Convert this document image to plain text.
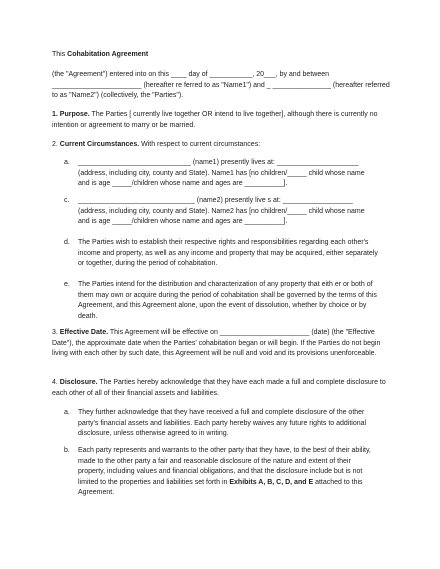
This Cohabitation Agreement

(the "Agreement") entered into on this ____ day of ___________, 20___, by and between _______________________ (hereafter re ferred to as "Name1") and _ _______________ (hereafter referred to as "Name2") (collectively, the "Parties").

1. Purpose. The Parties [ currently live together OR intend to live together], although there is currently no intention or agreement to marry or be married.

2. Current Circumstances. With respect to current circumstances:

a. _____________________________ (name1) presently lives at: _____________________ (address, including city, county and State). Name1 has [no children/_____ child whose name and is age _____/children whose name and ages are __________].

c. ______________________________ (name2) presently live s at: __________________ (address, including city, county and State). Name2 has [no children/_____ child whose name and is age _____/children whose name and ages are __________].

d. The Parties wish to establish their respective rights and responsibilities regarding each other's income and property, as well as any income and property that may be acquired, either separately or together, during the period of cohabitation.

e. The Parties intend for the distribution and characterization of any property that eith er or both of them may own or acquire during the period of cohabitation shall be governed by the terms of this Agreement, and this Agreement alone, upon the event of dissolution, whether by choice or by death.

3. Effective Date. This Agreement will be effective on _______________________ (date) (the "Effective Date"), the approximate date when the Parties' cohabitation began or will begin. If the Parties do not begin living with each other by such date, this Agreement will be null and void and its provisions unenforceable.

4. Disclosure. The Parties hereby acknowledge that they have each made a full and complete disclosure to each other of all of their financial assets and liabilities.

a. They further acknowledge that they have received a full and complete disclosure of the other party's financial assets and liabilities. Each party hereby waives any future rights to additional disclosure, unless otherwise agreed to in writing.

b. Each party represents and warrants to the other party that they have, to the best of their ability, made to the other party a fair and reasonable disclosure of the nature and extent of their property, including values and financial obligations, and that the disclosure include but is not limited to the properties and liabilities set forth in Exhibits A, B, C, D, and E attached to this Agreement.
